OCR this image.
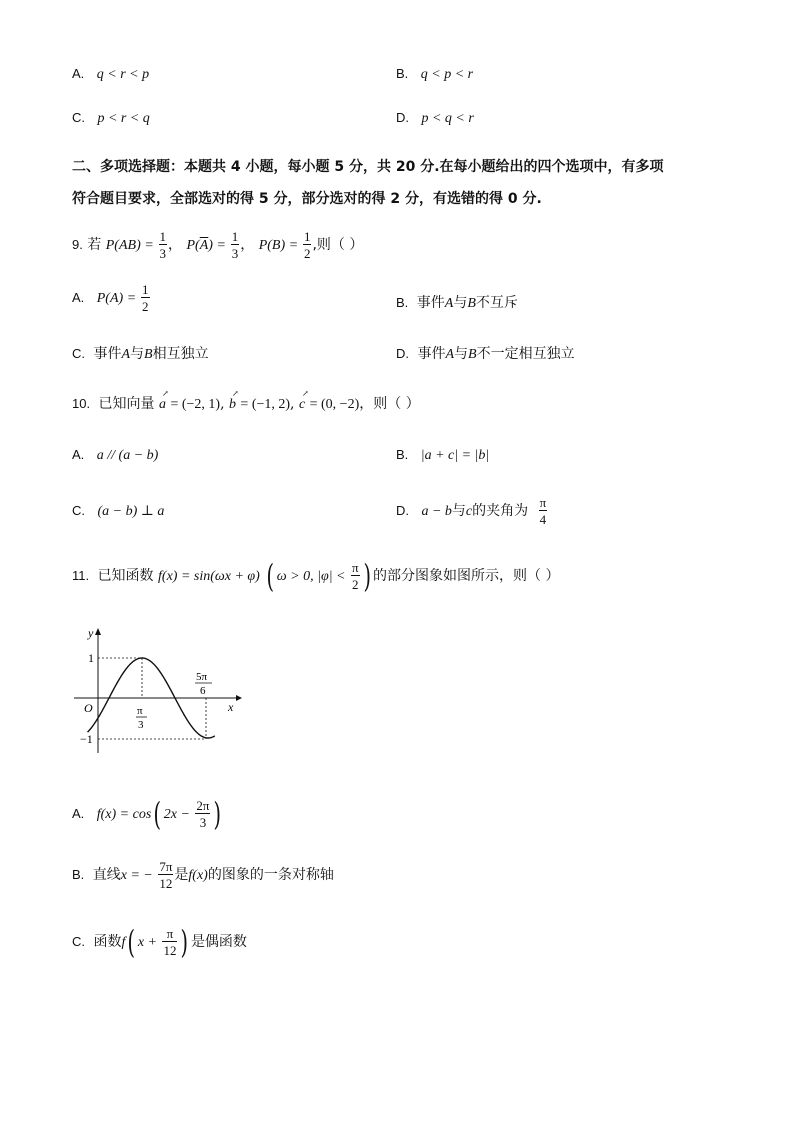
A. q < r < p	B. q < p < r
C. p < r < q	D. p < q < r
二、多项选择题：本题共 4 小题，每小题 5 分，共 20 分.在每小题给出的四个选项中，有多项
符合题目要求，全部选对的得 5 分，部分选对的得 2 分，有选错的得 0 分.
9. 若 $P(AB) = \frac{1}{3}$ ， $P(\overline{A}) = \frac{1}{3}$ ， $P(B) = \frac{1}{2}$ ,则（ ）
A. $P(A) = \frac{1}{2}$	B. 事件A与B不互斥
C. 事件A与B相互独立	D. 事件A与B不一定相互独立
10. 已知向量 a
↗
= (−2, 1), b
↗
= (−1, 2), c
↗
= (0, −2)，则（ ）
A. a // (a − b)	B. |a + c| = |b|
C. (a − b) ⊥ a	D. a − b与c的夹角为 $\frac{\pi}{4}$
11. 已知函数 f(x) = sin(ωx + φ) ( ω > 0, $|\varphi| < \frac{\pi}{2}$ ) 的部分图象如图所示，则（ ）
y
x
O
1
−1
π
3
5π
6
A. f(x) = cos( $2x - \frac{2\pi}{3}$ )
B. 直线x = − $\frac{7\pi}{12}$ 是f(x)的图象的一条对称轴
C. 函数f( $x + \frac{\pi}{12}$ ) 是偶函数
